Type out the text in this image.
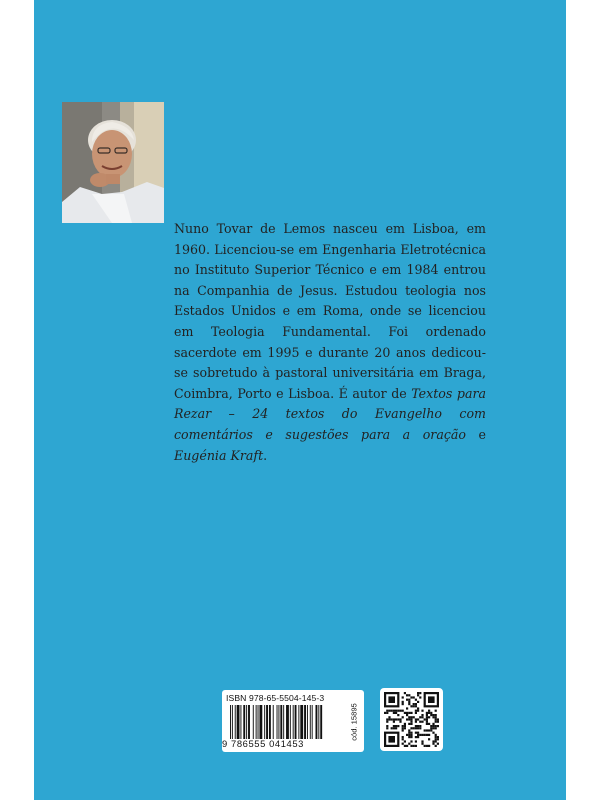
Nuno Tovar de Lemos nasceu em Lisboa, em 1960. Licenciou-se em Engenharia Eletrotécnica no Instituto Superior Técnico e em 1984 entrou na Companhia de Jesus. Estudou teologia nos Estados Unidos e em Roma, onde se licenciou em Teologia Fundamental. Foi ordenado sacerdote em 1995 e durante 20 anos dedicou-se sobretudo à pastoral universitária em Braga, Coimbra, Porto e Lisboa. É autor de Textos para Rezar – 24 textos do Evangelho com comentários e sugestões para a oração e Eugénia Kraft.

ISBN 978-65-5504-145-3
9 786555 041453
cód. 15895
